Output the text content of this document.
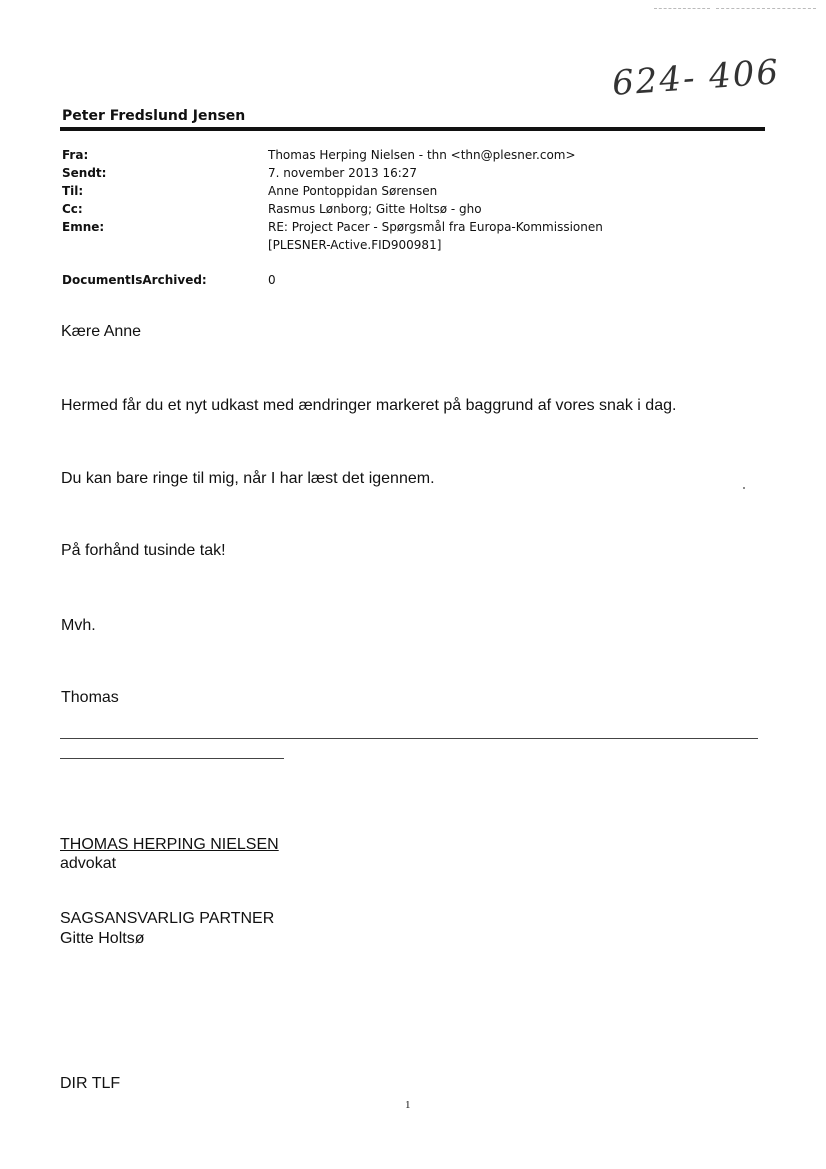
624- 406
Peter Fredslund Jensen
Fra:	Thomas Herping Nielsen - thn <thn@plesner.com>
Sendt:	7. november 2013 16:27
Til:	Anne Pontoppidan Sørensen
Cc:	Rasmus Lønborg; Gitte Holtsø - gho
Emne:	RE: Project Pacer - Spørgsmål fra Europa-Kommissionen [PLESNER-Active.FID900981]
DocumentIsArchived:	0
Kære Anne
Hermed får du et nyt udkast med ændringer markeret på baggrund af vores snak i dag.
Du kan bare ringe til mig, når I har læst det igennem.
På forhånd tusinde tak!
Mvh.
Thomas
THOMAS HERPING NIELSEN
advokat
SAGSANSVARLIG PARTNER
Gitte Holtsø
DIR TLF
1
